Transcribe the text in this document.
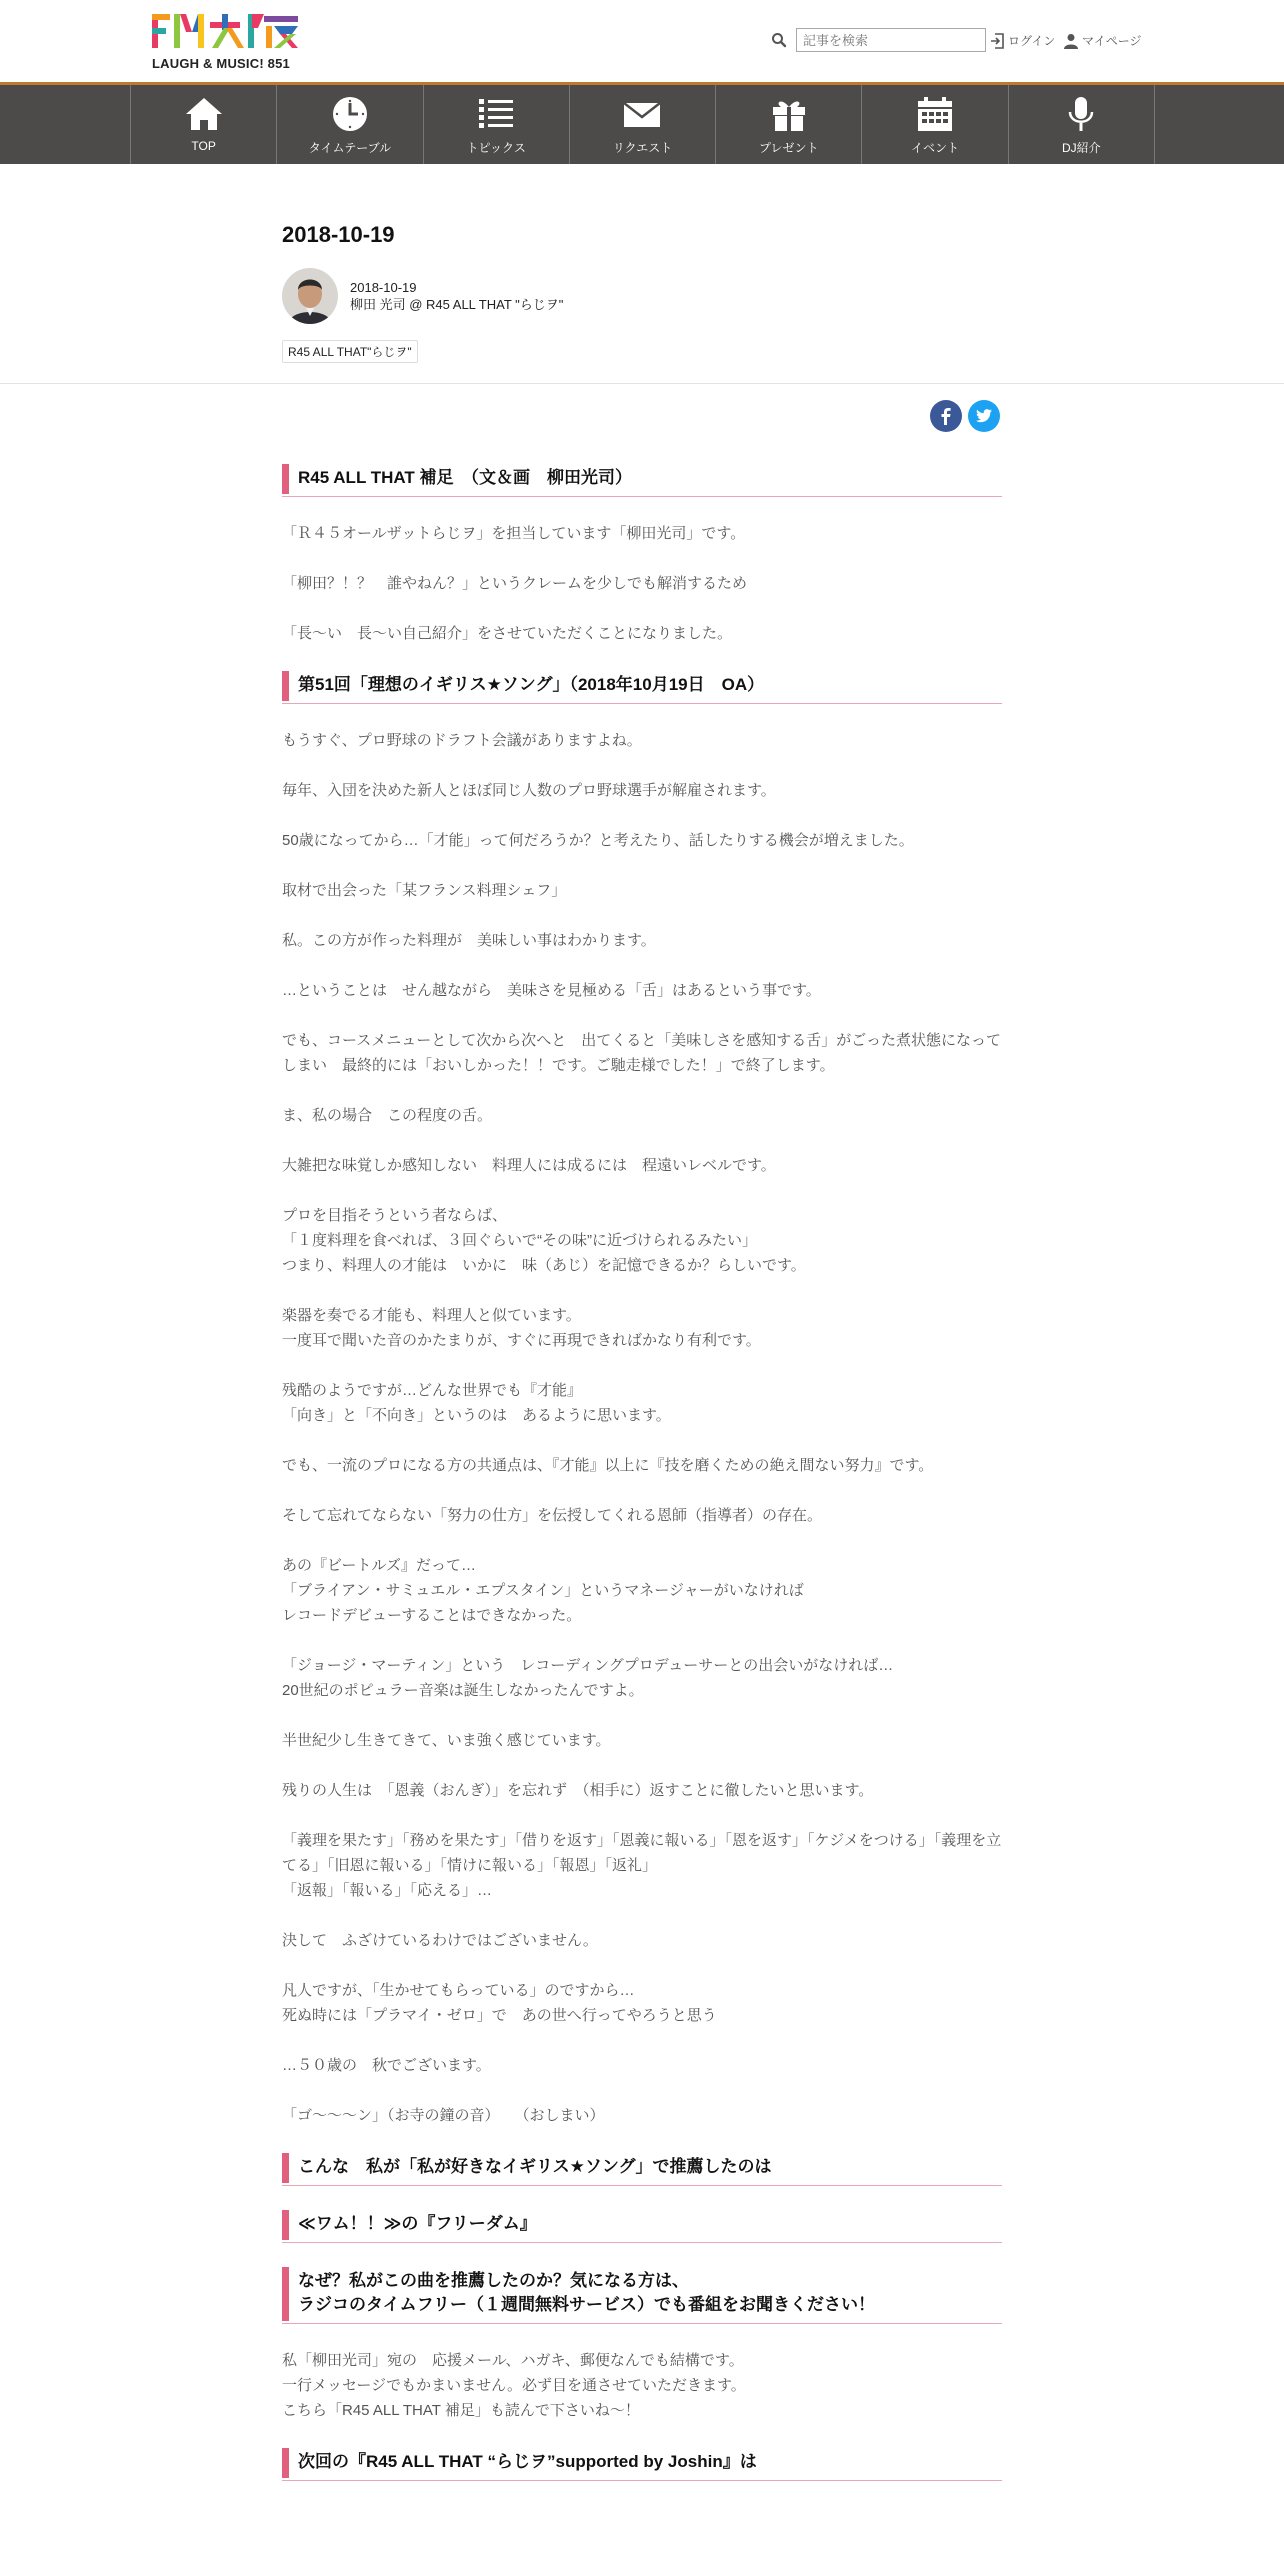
LAUGH & MUSIC! 851
記事を検索
ログイン マイページ
TOP	タイムテーブル	トピックス	リクエスト	プレゼント	イベント	DJ紹介
2018-10-19
2018-10-19
柳田 光司 @ R45 ALL THAT "らじヲ"
R45 ALL THAT"らじヲ"
R45 ALL THAT 補足　（文＆画　柳田光司）

「Ｒ４５オールザットらじヲ」を担当しています「柳田光司」です。

「柳田？！？　誰やねん？」というクレームを少しでも解消するため

「長～い　長～い自己紹介」をさせていただくことになりました。

第51回「理想のイギリス★ソング」（2018年10月19日　OA）

もうすぐ、プロ野球のドラフト会議がありますよね。

毎年、入団を決めた新人とほぼ同じ人数のプロ野球選手が解雇されます。

50歳になってから…「才能」って何だろうか？と考えたり、話したりする機会が増えました。

取材で出会った「某フランス料理シェフ」

私。この方が作った料理が　美味しい事はわかります。

…ということは　せん越ながら　美味さを見極める「舌」はあるという事です。

でも、コースメニューとして次から次へと　出てくると「美味しさを感知する舌」がごった煮状態になってしまい　最終的には「おいしかった！！です。ご馳走様でした！」で終了します。

ま、私の場合　この程度の舌。

大雑把な味覚しか感知しない　料理人には成るには　程遠いレベルです。

プロを目指そうという者ならば、
「１度料理を食べれば、３回ぐらいで“その味”に近づけられるみたい」
つまり、料理人の才能は　いかに　味（あじ）を記憶できるか？らしいです。

楽器を奏でる才能も、料理人と似ています。
一度耳で聞いた音のかたまりが、すぐに再現できればかなり有利です。

残酷のようですが…どんな世界でも『才能』
「向き」と「不向き」というのは　あるように思います。

でも、一流のプロになる方の共通点は、『才能』以上に『技を磨くための絶え間ない努力』です。

そして忘れてならない「努力の仕方」を伝授してくれる恩師（指導者）の存在。

あの『ビートルズ』だって…
「ブライアン・サミュエル・エプスタイン」というマネージャーがいなければ
レコードデビューすることはできなかった。

「ジョージ・マーティン」という　レコーディングプロデューサーとの出会いがなければ…
20世紀のポピュラー音楽は誕生しなかったんですよ。

半世紀少し生きてきて、いま強く感じています。

残りの人生は　「恩義（おんぎ）」を忘れず　（相手に）返すことに徹したいと思います。

「義理を果たす」「務めを果たす」「借りを返す」「恩義に報いる」「恩を返す」「ケジメをつける」「義理を立てる」「旧恩に報いる」「情けに報いる」「報恩」「返礼」
「返報」「報いる」「応える」…

決して　ふざけているわけではございません。

凡人ですが、「生かせてもらっている」のですから…
死ぬ時には「プラマイ・ゼロ」で　あの世へ行ってやろうと思う

…５０歳の　秋でございます。

「ゴ～～～ン」（お寺の鐘の音）　　（おしまい）

こんな　私が「私が好きなイギリス★ソング」で推薦したのは
≪ワム！！≫の『フリーダム』
なぜ？私がこの曲を推薦したのか？気になる方は、
ラジコのタイムフリー（１週間無料サービス）でも番組をお聞きください！

私「柳田光司」宛の　応援メール、ハガキ、郵便なんでも結構です。
一行メッセージでもかまいません。必ず目を通させていただきます。
こちら「R45 ALL THAT 補足」も読んで下さいね～！

次回の『R45 ALL THAT “らじヲ”supported by Joshin』は
